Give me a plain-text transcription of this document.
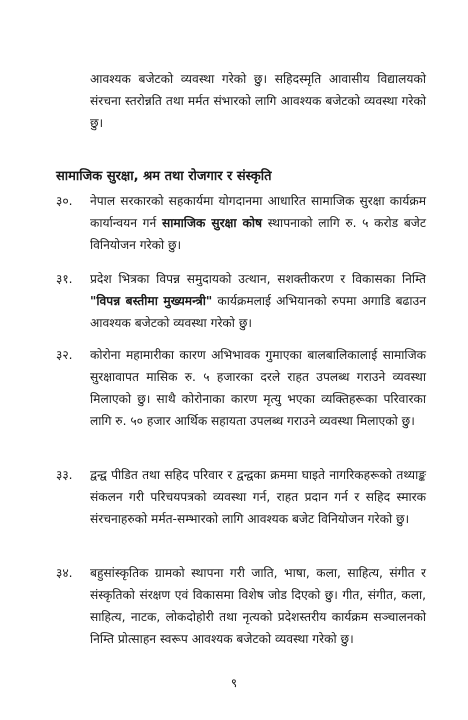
आवश्यक बजेटको व्यवस्था गरेको छु। सहिदस्मृति आवासीय विद्यालयको संरचना स्तरोन्नति तथा मर्मत संभारको लागि आवश्यक बजेटको व्यवस्था गरेको छु।
सामाजिक सुरक्षा, श्रम तथा रोजगार र संस्कृति
३०. नेपाल सरकारको सहकार्यमा योगदानमा आधारित सामाजिक सुरक्षा कार्यक्रम कार्यान्वयन गर्न सामाजिक सुरक्षा कोष स्थापनाको लागि रु. ५ करोड बजेट विनियोजन गरेको छु।
३१. प्रदेश भित्रका विपन्न समुदायको उत्थान, सशक्तीकरण र विकासका निम्ति "विपन्न बस्तीमा मुख्यमन्त्री" कार्यक्रमलाई अभियानको रुपमा अगाडि बढाउन आवश्यक बजेटको व्यवस्था गरेको छु।
३२. कोरोना महामारीका कारण अभिभावक गुमाएका बालबालिकालाई सामाजिक सुरक्षावापत मासिक रु. ५ हजारका दरले राहत उपलब्ध गराउने व्यवस्था मिलाएको छु। साथै कोरोनाका कारण मृत्यु भएका व्यक्तिहरूका परिवारका लागि रु. ५० हजार आर्थिक सहायता उपलब्ध गराउने व्यवस्था मिलाएको छु।
३३. द्वन्द्व पीडित तथा सहिद परिवार र द्वन्द्वका क्रममा घाइते नागरिकहरूको तथ्याङ्क संकलन गरी परिचयपत्रको व्यवस्था गर्न, राहत प्रदान गर्न र सहिद स्मारक संरचनाहरुको मर्मत-सम्भारको लागि आवश्यक बजेट विनियोजन गरेको छु।
३४. बहुसांस्कृतिक ग्रामको स्थापना गरी जाति, भाषा, कला, साहित्य, संगीत र संस्कृतिको संरक्षण एवं विकासमा विशेष जोड दिएको छु। गीत, संगीत, कला, साहित्य, नाटक, लोकदोहोरी तथा नृत्यको प्रदेशस्तरीय कार्यक्रम सञ्चालनको निम्ति प्रोत्साहन स्वरूप आवश्यक बजेटको व्यवस्था गरेको छु।
९
